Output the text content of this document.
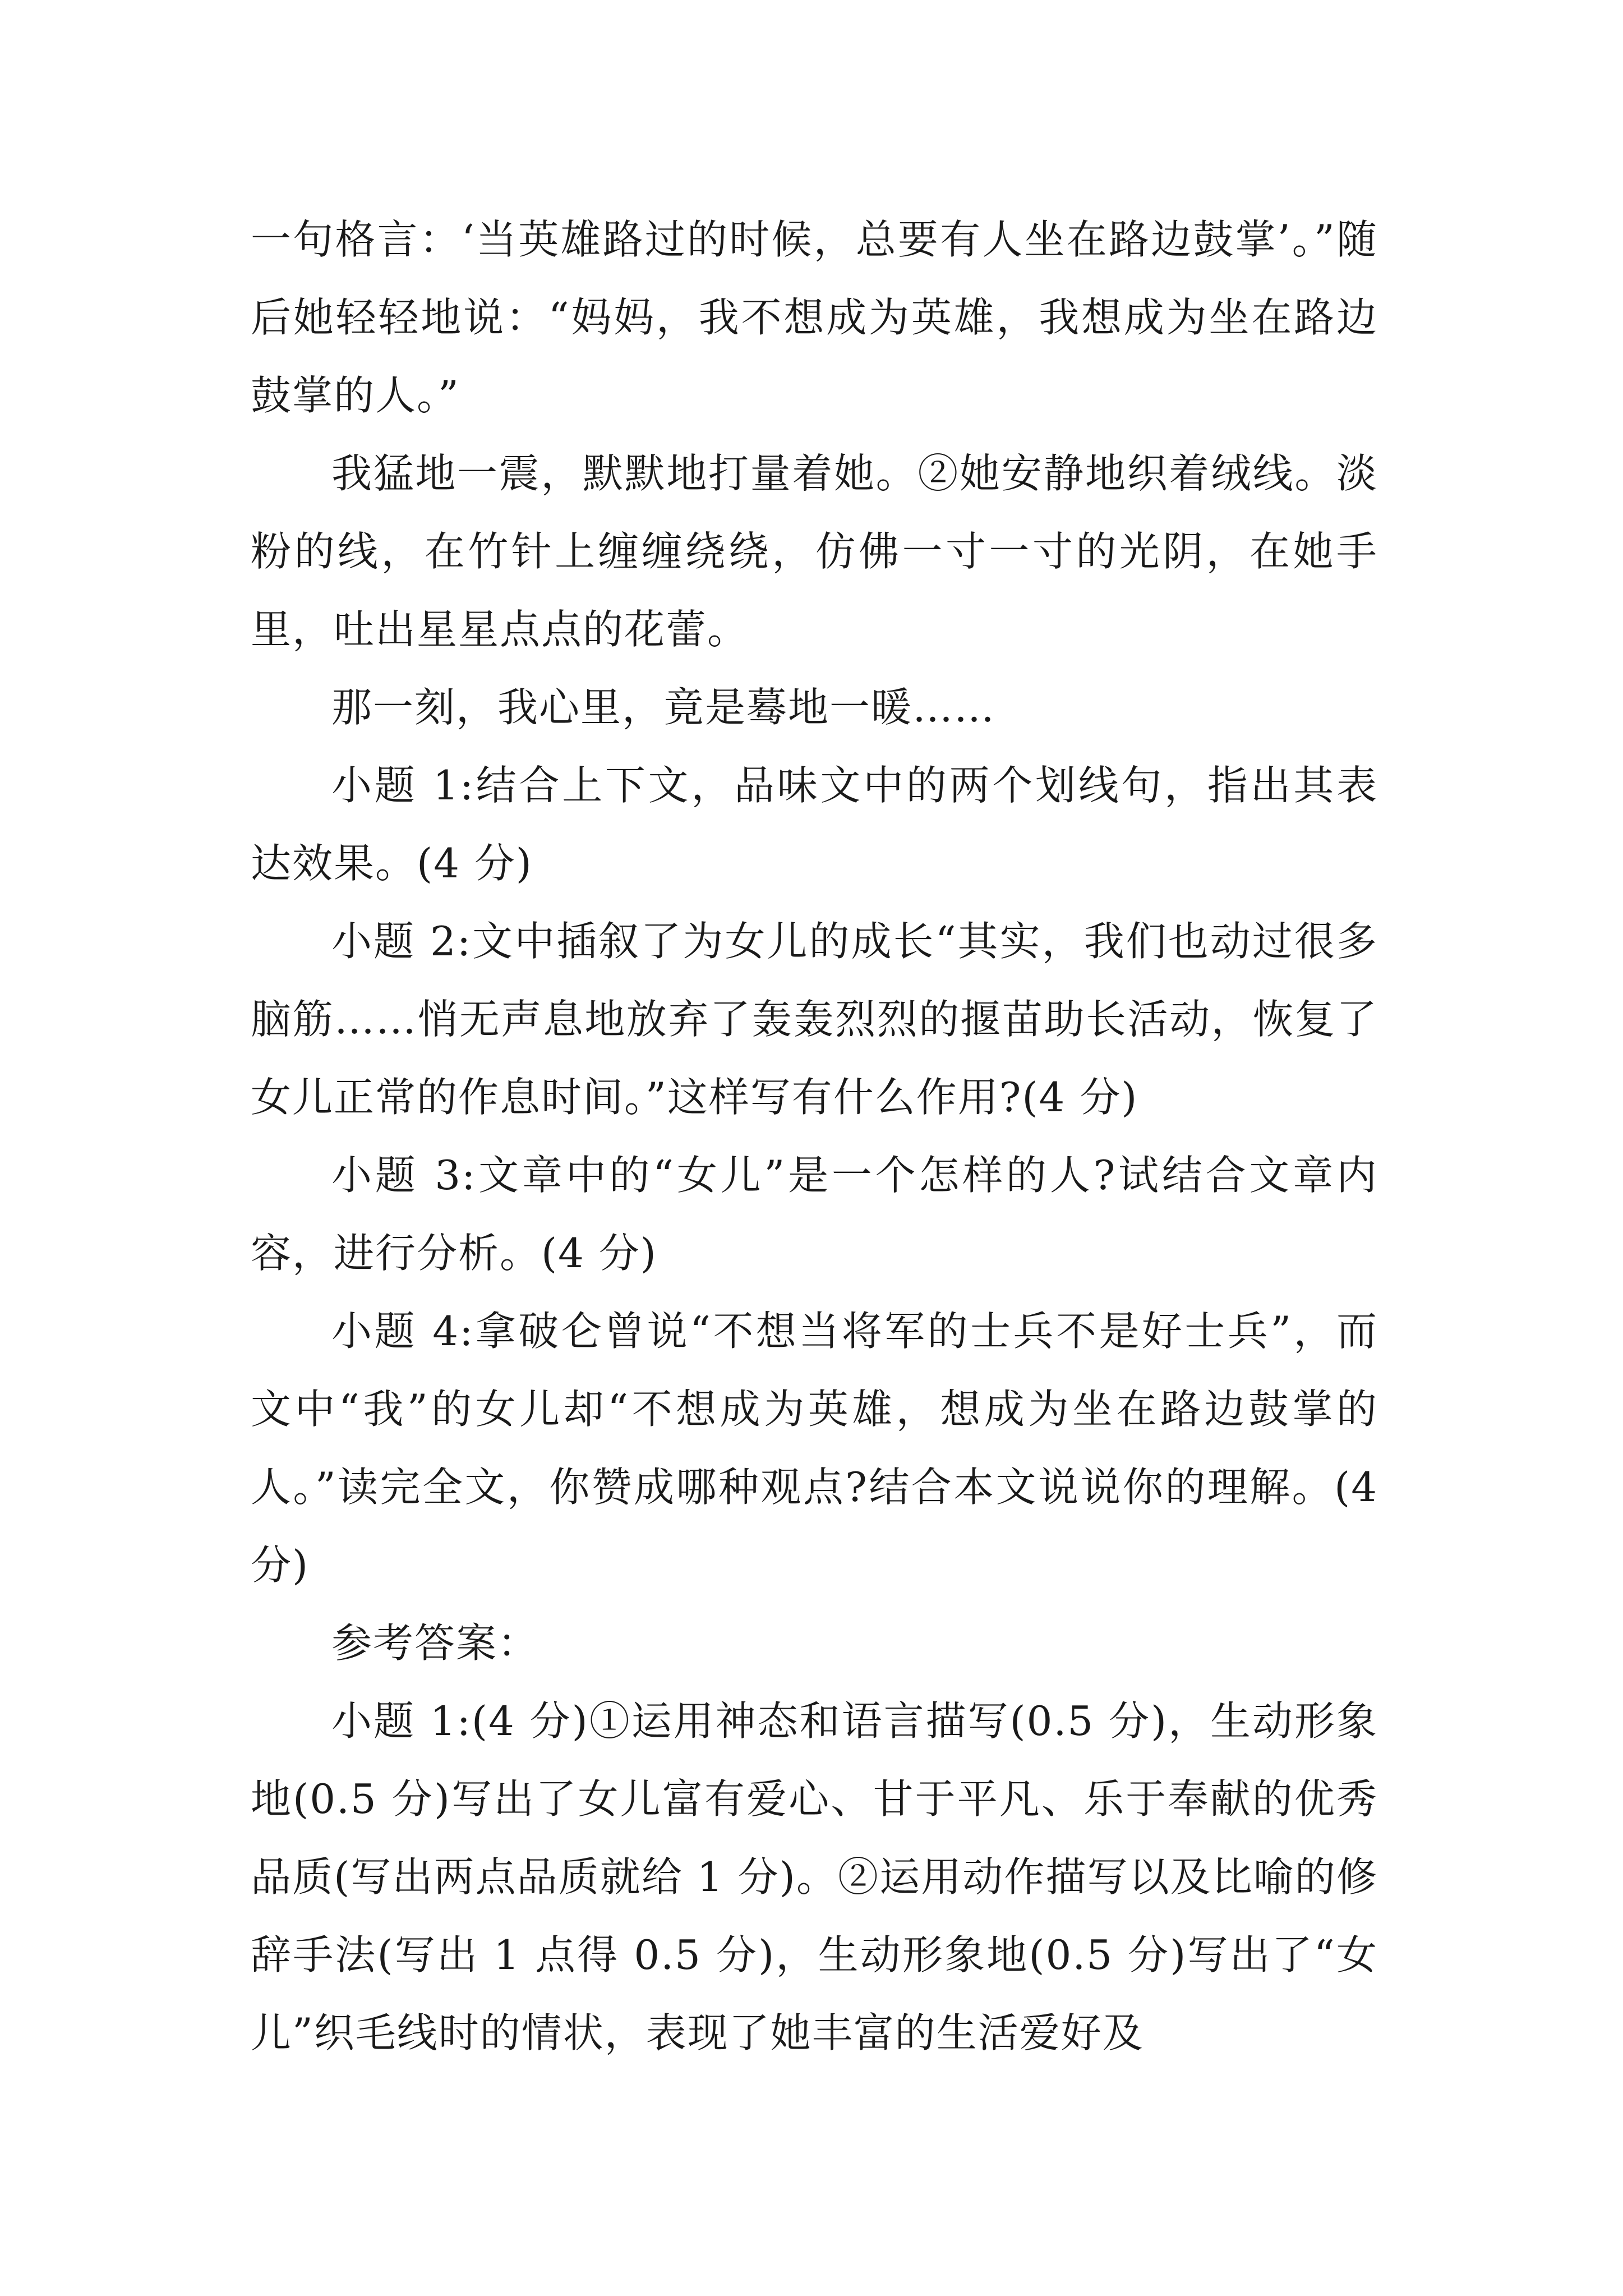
一句格言：‘当英雄路过的时候，总要有人坐在路边鼓掌’。”随后她轻轻地说：“妈妈，我不想成为英雄，我想成为坐在路边鼓掌的人。”

我猛地一震，默默地打量着她。②她安静地织着绒线。淡粉的线，在竹针上缠缠绕绕，仿佛一寸一寸的光阴，在她手里，吐出星星点点的花蕾。

那一刻，我心里，竟是蓦地一暖……

小题 1:结合上下文，品味文中的两个划线句，指出其表达效果。(4 分)

小题 2:文中插叙了为女儿的成长“其实，我们也动过很多脑筋……悄无声息地放弃了轰轰烈烈的揠苗助长活动，恢复了女儿正常的作息时间。”这样写有什么作用?(4 分)

小题 3:文章中的“女儿”是一个怎样的人?试结合文章内容，进行分析。(4 分)

小题 4:拿破仑曾说“不想当将军的士兵不是好士兵”，而文中“我”的女儿却“不想成为英雄，想成为坐在路边鼓掌的人。”读完全文，你赞成哪种观点?结合本文说说你的理解。(4 分)

参考答案：

小题 1:(4 分)①运用神态和语言描写(0.5 分)，生动形象地(0.5 分)写出了女儿富有爱心、甘于平凡、乐于奉献的优秀品质(写出两点品质就给 1 分)。②运用动作描写以及比喻的修辞手法(写出 1 点得 0.5 分)，生动形象地(0.5 分)写出了“女儿”织毛线时的情状，表现了她丰富的生活爱好及
